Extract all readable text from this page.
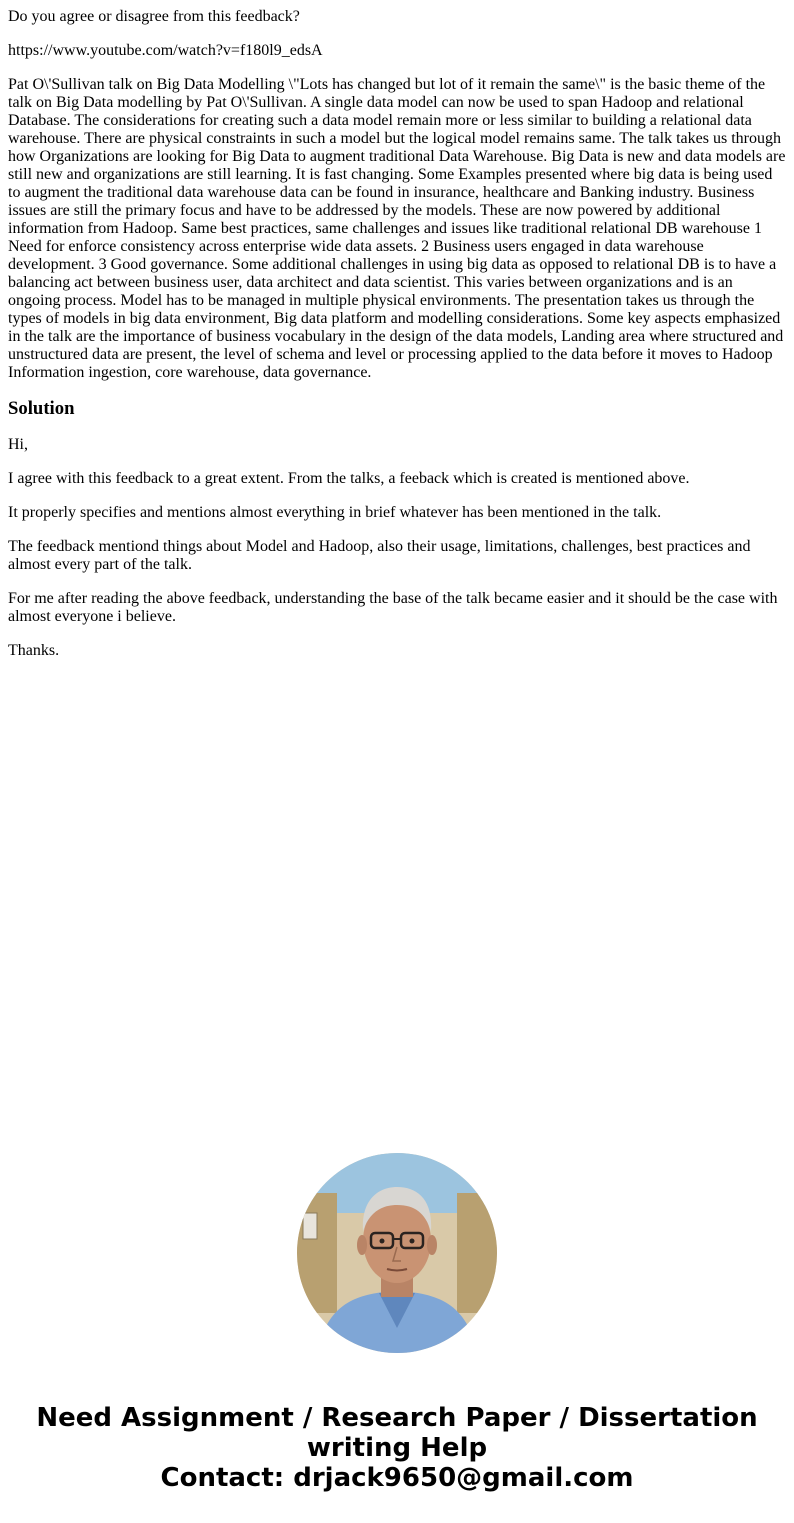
Do you agree or disagree from this feedback?

https://www.youtube.com/watch?v=f180l9_edsA

Pat O\'Sullivan talk on Big Data Modelling \"Lots has changed but lot of it remain the same\" is the basic theme of the talk on Big Data modelling by Pat O\'Sullivan. A single data model can now be used to span Hadoop and relational Database. The considerations for creating such a data model remain more or less similar to building a relational data warehouse. There are physical constraints in such a model but the logical model remains same. The talk takes us through how Organizations are looking for Big Data to augment traditional Data Warehouse. Big Data is new and data models are still new and organizations are still learning. It is fast changing. Some Examples presented where big data is being used to augment the traditional data warehouse data can be found in insurance, healthcare and Banking industry. Business issues are still the primary focus and have to be addressed by the models. These are now powered by additional information from Hadoop. Same best practices, same challenges and issues like traditional relational DB warehouse 1 Need for enforce consistency across enterprise wide data assets. 2 Business users engaged in data warehouse development. 3 Good governance. Some additional challenges in using big data as opposed to relational DB is to have a balancing act between business user, data architect and data scientist. This varies between organizations and is an ongoing process. Model has to be managed in multiple physical environments. The presentation takes us through the types of models in big data environment, Big data platform and modelling considerations. Some key aspects emphasized in the talk are the importance of business vocabulary in the design of the data models, Landing area where structured and unstructured data are present, the level of schema and level or processing applied to the data before it moves to Hadoop Information ingestion, core warehouse, data governance.

Solution

Hi,

I agree with this feedback to a great extent. From the talks, a feeback which is created is mentioned above.

It properly specifies and mentions almost everything in brief whatever has been mentioned in the talk.

The feedback mentiond things about Model and Hadoop, also their usage, limitations, challenges, best practices and almost every part of the talk.

For me after reading the above feedback, understanding the base of the talk became easier and it should be the case with almost everyone i believe.

Thanks.

Need Assignment / Research Paper / Dissertation
writing Help
Contact: drjack9650@gmail.com
